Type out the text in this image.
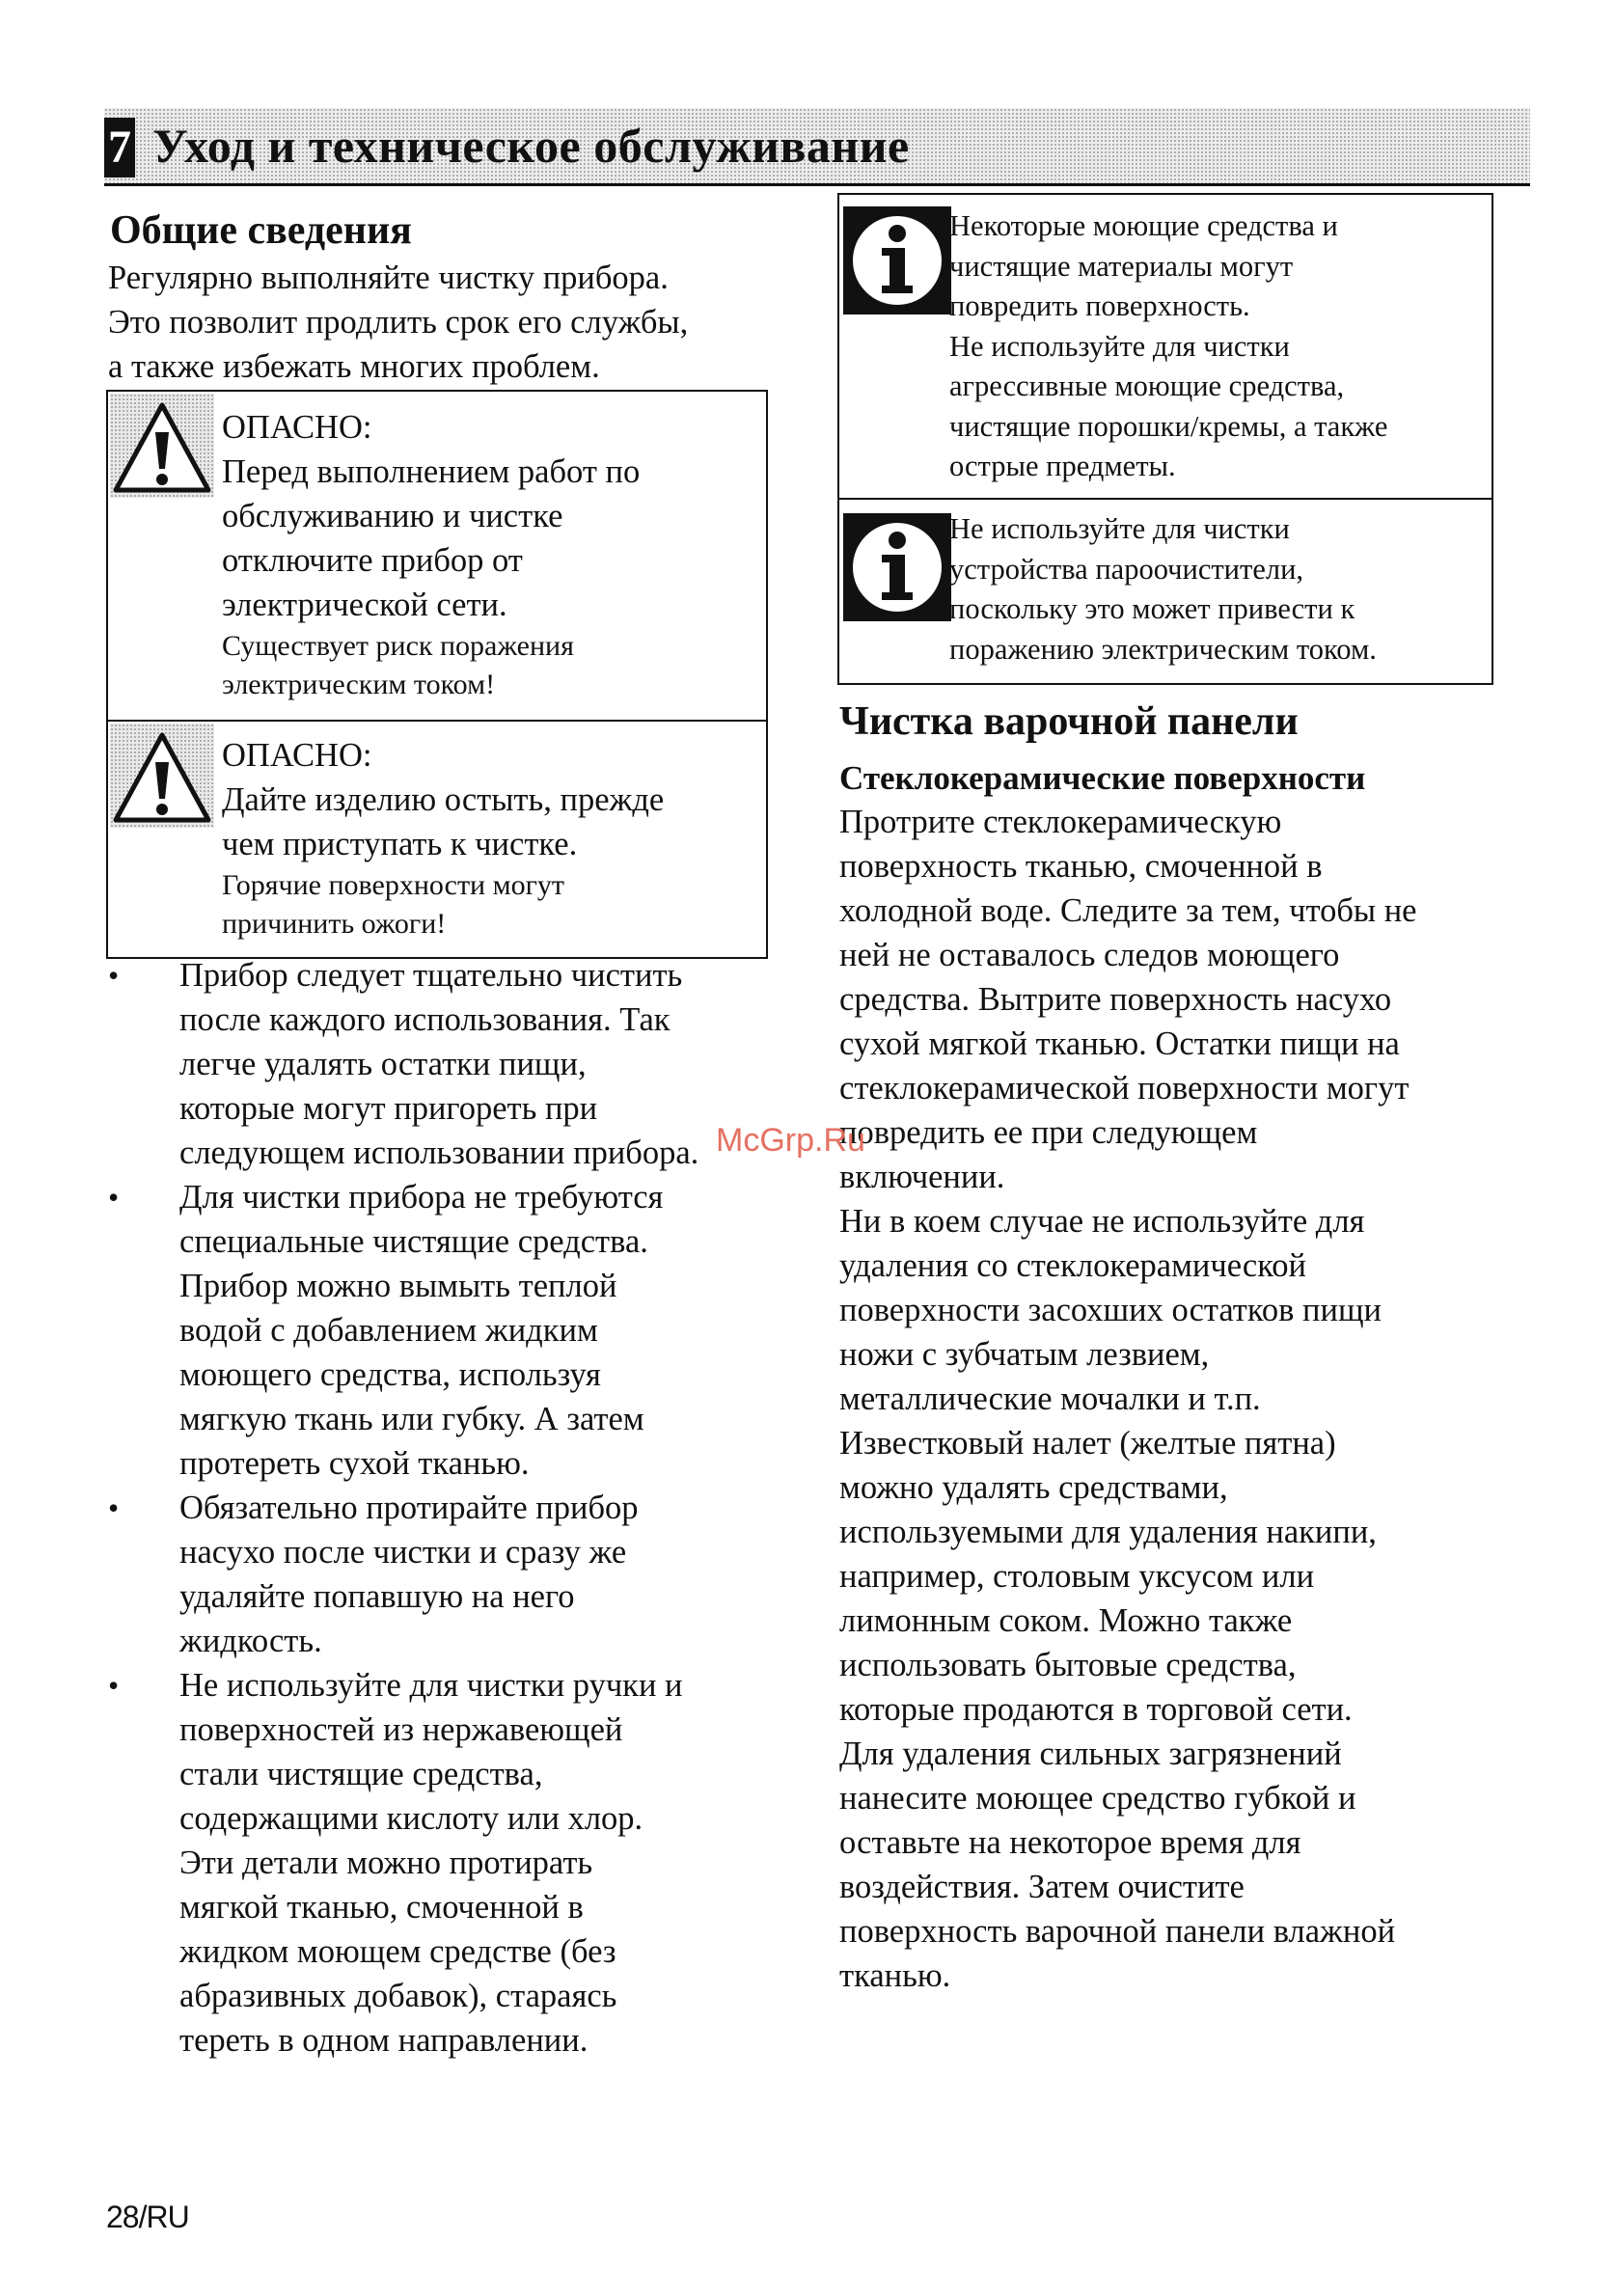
7 Уход и техническое обслуживание
Общие сведения
Регулярно выполняйте чистку прибора.
Это позволит продлить срок его службы,
а также избежать многих проблем.
ОПАСНО:
Перед выполнением работ по
обслуживанию и чистке
отключите прибор от
электрической сети.
Существует риск поражения
электрическим током!
ОПАСНО:
Дайте изделию остыть, прежде
чем приступать к чистке.
Горячие поверхности могут
причинить ожоги!
• Прибор следует тщательно чистить
после каждого использования. Так
легче удалять остатки пищи,
которые могут пригореть при
следующем использовании прибора.
• Для чистки прибора не требуются
специальные чистящие средства.
Прибор можно вымыть теплой
водой с добавлением жидким
моющего средства, используя
мягкую ткань или губку. А затем
протереть сухой тканью.
• Обязательно протирайте прибор
насухо после чистки и сразу же
удаляйте попавшую на него
жидкость.
• Не используйте для чистки ручки и
поверхностей из нержавеющей
стали чистящие средства,
содержащими кислоту или хлор.
Эти детали можно протирать
мягкой тканью, смоченной в
жидком моющем средстве (без
абразивных добавок), стараясь
тереть в одном направлении.
Некоторые моющие средства и
чистящие материалы могут
повредить поверхность.
Не используйте для чистки
агрессивные моющие средства,
чистящие порошки/кремы, а также
острые предметы.
Не используйте для чистки
устройства пароочистители,
поскольку это может привести к
поражению электрическим током.
Чистка варочной панели
Стеклокерамические поверхности
Протрите стеклокерамическую
поверхность тканью, смоченной в
холодной воде. Следите за тем, чтобы не
ней не оставалось следов моющего
средства. Вытрите поверхность насухо
сухой мягкой тканью. Остатки пищи на
стеклокерамической поверхности могут
повредить ее при следующем
включении.
Ни в коем случае не используйте для
удаления со стеклокерамической
поверхности засохших остатков пищи
ножи с зубчатым лезвием,
металлические мочалки и т.п.
Известковый налет (желтые пятна)
можно удалять средствами,
используемыми для удаления накипи,
например, столовым уксусом или
лимонным соком. Можно также
использовать бытовые средства,
которые продаются в торговой сети.
Для удаления сильных загрязнений
нанесите моющее средство губкой и
оставьте на некоторое время для
воздействия. Затем очистите
поверхность варочной панели влажной
тканью.
McGrp.Ru
28/RU
